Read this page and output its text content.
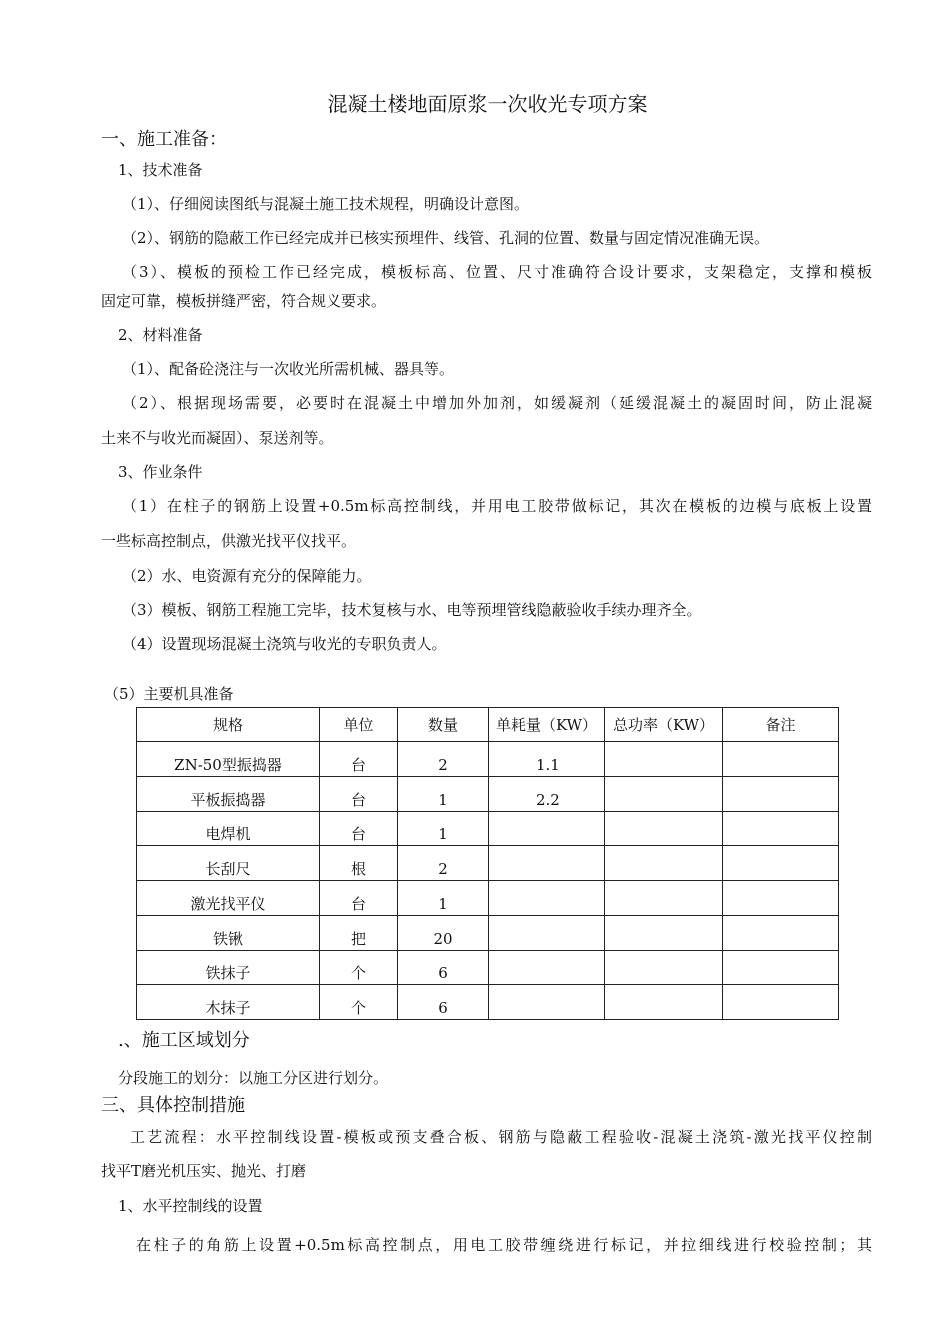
混凝土楼地面原浆一次收光专项方案
一、施工准备：
1、技术准备
（1）、仔细阅读图纸与混凝土施工技术规程，明确设计意图。
（2）、钢筋的隐蔽工作已经完成并已核实预埋件、线管、孔洞的位置、数量与固定情况准确无误。
（3）、模板的预检工作已经完成，模板标高、位置、尺寸准确符合设计要求，支架稳定，支撑和模板
固定可靠，模板拼缝严密，符合规义要求。
2、材料准备
（1）、配备砼浇注与一次收光所需机械、器具等。
（2）、根据现场需要，必要时在混凝土中增加外加剂，如缓凝剂（延缓混凝土的凝固时间，防止混凝
土来不与收光而凝固）、泵送剂等。
3、作业条件
（1）在柱子的钢筋上设置+0.5m标高控制线，并用电工胶带做标记，其次在模板的边模与底板上设置
一些标高控制点，供激光找平仪找平。
（2）水、电资源有充分的保障能力。
（3）模板、钢筋工程施工完毕，技术复核与水、电等预埋管线隐蔽验收手续办理齐全。
（4）设置现场混凝土浇筑与收光的专职负责人。
（5）主要机具准备
规格	单位	数量	单耗量（KW）	总功率（KW）	备注
ZN-50型振捣器	台	2	1.1		
平板振捣器	台	1	2.2		
电焊机	台	1			
长刮尺	根	2			
激光找平仪	台	1			
铁锹	把	20			
铁抹子	个	6			
木抹子	个	6			
.、施工区域划分
分段施工的划分：以施工分区进行划分。
三、具体控制措施
工艺流程：水平控制线设置-模板或预支叠合板、钢筋与隐蔽工程验收-混凝土浇筑-激光找平仪控制
找平T磨光机压实、抛光、打磨
1、水平控制线的设置
在柱子的角筋上设置+0.5m标高控制点，用电工胶带缠绕进行标记，并拉细线进行校验控制；其
